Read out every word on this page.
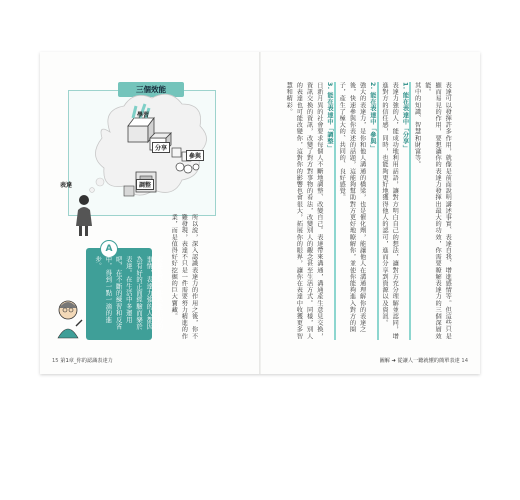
三個效能
學習
分享
參與
調整
表達

所以說，深入認識表達力的作用之後，你不難發現，表達不只是一件需要努力精進的作業，而是值得好好挖掘的巨大寶藏。

A
表達也是一件熟能生巧的事情，表達力強的人都因為有好的正面經驗而樂於表達。在生活中多運用吧，在不斷的練習和反省中，得到一點一滴的進步。
15 第1章_你的認識表達力

表達可以發揮許多作用，就像是前面說明講述事實、表達自我、增進感情等。但這些只是顯而易見的作用，要想讓你的表達力發揮出最大的功效，你需要瞭解表達力的三個深層效能。

其中的知識、智慧和財富等。

1. 能在表達中「分享」

表達力強的人，能成功地利用話語，讓對方明白自己的想法，讓對方充分理解並認同，增進對方的信任感，同時，也能夠更好地獲得他人的認可，進而分享到資源以及資訊。

2. 能在表達中「參與」

強大的表達力，是你和他人溝通的橋梁，也是催化劑，能讓他人在溝通理解你的表達之後，快速參與你表述的話題，這能夠幫助對方更好地瞭解你，並使你能夠進入對方的圈子，產生了極大的、共同的、良好感覺。

3. 能在表達中「調整」

日新月異的社會要求每個人不斷地調整、改變自己。表達帶來溝通，溝通產生意見交換，資訊交換的資訊，改變了對方對事物的看法，改變別人的觀念甚至生活方式。同樣，別人的表達也可能改變你，這對你的影響也會很大，拓展你的眼界，讓你在表達中收獲更多智慧和精彩。

圖解 ➜ 從讓人一聽就懂的簡單表達 14
